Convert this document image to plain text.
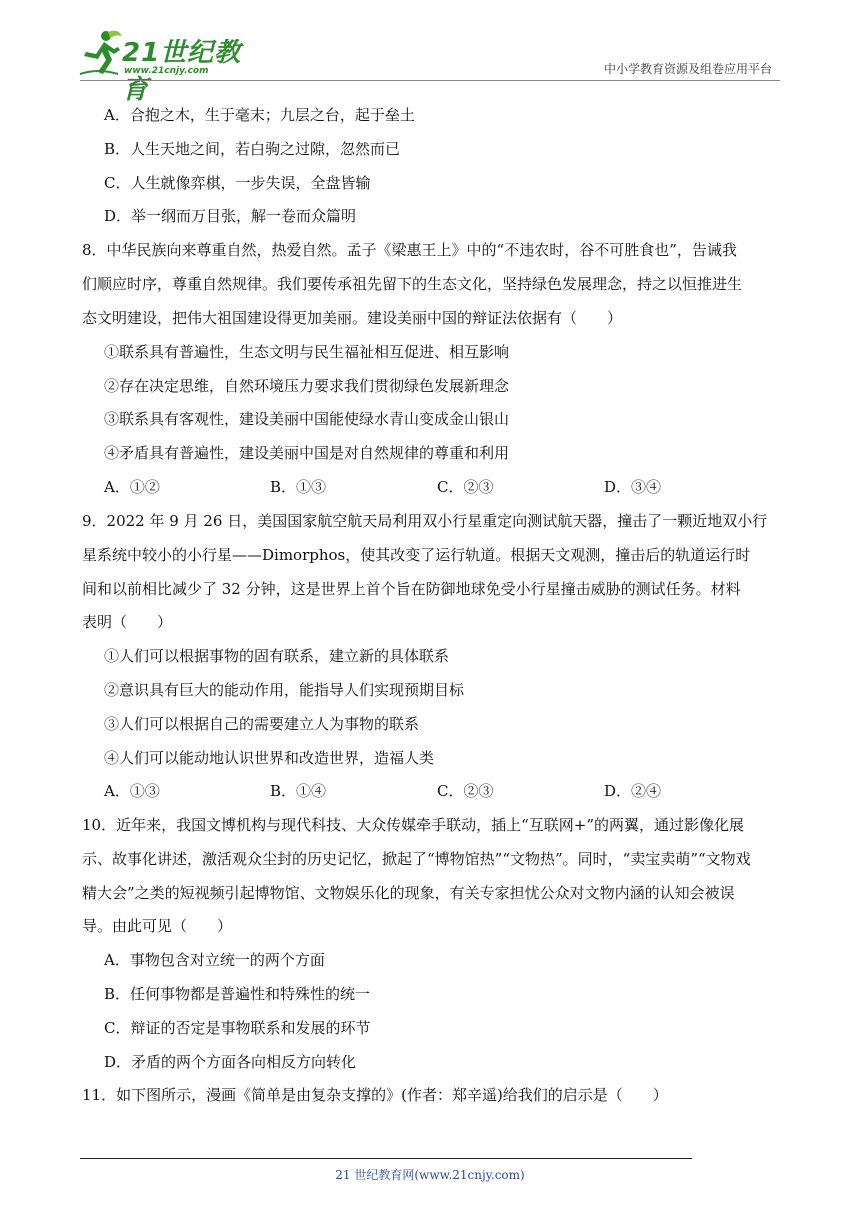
21世纪教育
www.21cnjy.com	中小学教育资源及组卷应用平台
A．合抱之木，生于毫末；九层之台，起于垒土
B．人生天地之间，若白驹之过隙，忽然而已
C．人生就像弈棋，一步失误，全盘皆输
D．举一纲而万目张，解一卷而众篇明
8．中华民族向来尊重自然，热爱自然。孟子《梁惠王上》中的“不违农时，谷不可胜食也”，告诫我
们顺应时序，尊重自然规律。我们要传承祖先留下的生态文化，坚持绿色发展理念，持之以恒推进生
态文明建设，把伟大祖国建设得更加美丽。建设美丽中国的辩证法依据有（　　）
①联系具有普遍性，生态文明与民生福祉相互促进、相互影响
②存在决定思维，自然环境压力要求我们贯彻绿色发展新理念
③联系具有客观性，建设美丽中国能使绿水青山变成金山银山
④矛盾具有普遍性，建设美丽中国是对自然规律的尊重和利用
A．①②	B．①③	C．②③	D．③④
9．2022 年 9 月 26 日，美国国家航空航天局利用双小行星重定向测试航天器，撞击了一颗近地双小行
星系统中较小的小行星——Dimorphos，使其改变了运行轨道。根据天文观测，撞击后的轨道运行时
间和以前相比减少了 32 分钟，这是世界上首个旨在防御地球免受小行星撞击威胁的测试任务。材料
表明（　　）
①人们可以根据事物的固有联系，建立新的具体联系
②意识具有巨大的能动作用，能指导人们实现预期目标
③人们可以根据自己的需要建立人为事物的联系
④人们可以能动地认识世界和改造世界，造福人类
A．①③	B．①④	C．②③	D．②④
10．近年来，我国文博机构与现代科技、大众传媒牵手联动，插上“互联网+”的两翼，通过影像化展
示、故事化讲述，激活观众尘封的历史记忆，掀起了“博物馆热”“文物热”。同时，“卖宝卖萌”“文物戏
精大会”之类的短视频引起博物馆、文物娱乐化的现象，有关专家担忧公众对文物内涵的认知会被误
导。由此可见（　　）
A．事物包含对立统一的两个方面
B．任何事物都是普遍性和特殊性的统一
C．辩证的否定是事物联系和发展的环节
D．矛盾的两个方面各向相反方向转化
11．如下图所示，漫画《简单是由复杂支撑的》(作者：郑辛遥)给我们的启示是（　　）
21 世纪教育网(www.21cnjy.com)
